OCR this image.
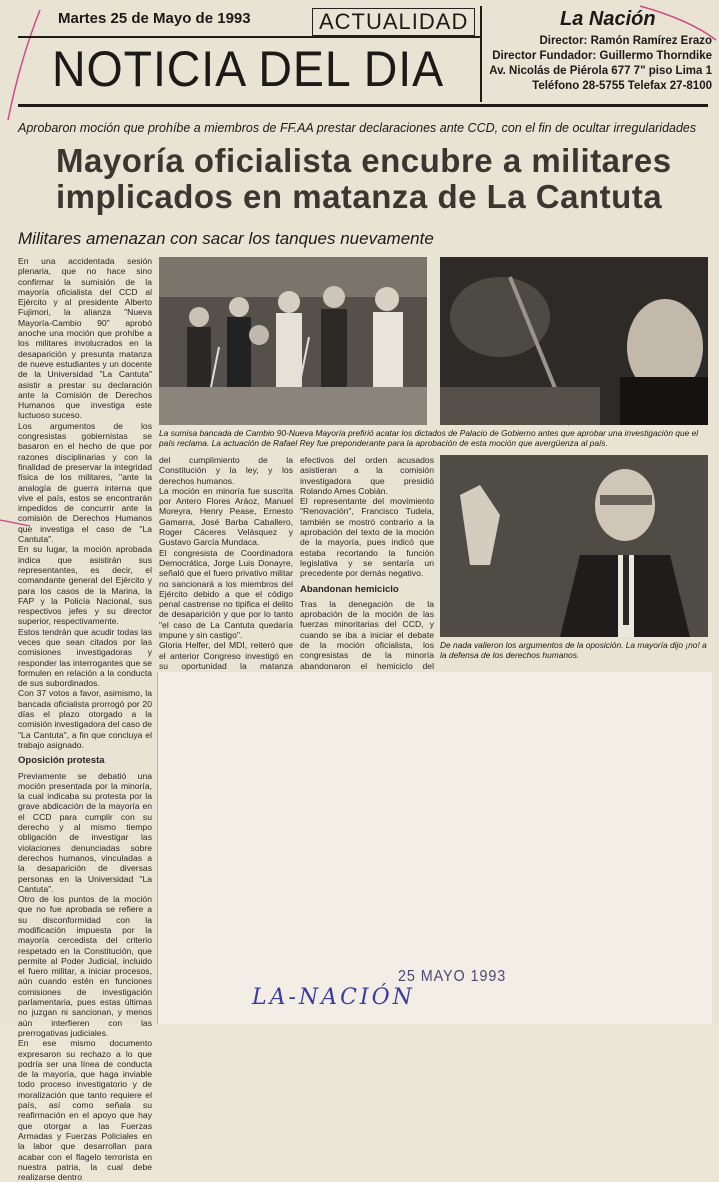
Martes 25 de Mayo de 1993	ACTUALIDAD
NOTICIA DEL DIA
La Nación
Director: Ramón Ramírez Erazo
Director Fundador: Guillermo Thorndike
Av. Nicolás de Piérola 677 7" piso Lima 1
Teléfono 28-5755 Telefax 27-8100
Aprobaron moción que prohíbe a miembros de FF.AA prestar declaraciones ante CCD, con el fin de ocultar irregularidades
Mayoría oficialista encubre a militares implicados en matanza de La Cantuta
Militares amenazan con sacar los tanques nuevamente

En una accidentada sesión plenaria, que no hace sino confirmar la sumisión de la mayoría oficialista del CCD al Ejército y al presidente Alberto Fujimori, la alianza "Nueva Mayoría-Cambio 90" aprobó anoche una moción que prohíbe a los militares involucrados en la desaparición y presunta matanza de nueve estudiantes y un docente de la Universidad "La Cantuta" asistir a prestar su declaración ante la Comisión de Derechos Humanos que investiga este luctuoso suceso.

Los argumentos de los congresistas gobiernistas se basaron en el hecho de que por razones disciplinarias y con la finalidad de preservar la integridad física de los militares, "ante la analogía de guerra interna que vive el país, estos se encontrarán impedidos de concurrir ante la comisión de Derechos Humanos que investiga el caso de "La Cantuta".

En su lugar, la moción aprobada indica que asistirán sus representantes, es decir, el comandante general del Ejército y para los casos de la Marina, la FAP y la Policía Nacional, sus respectivos jefes y su director superior, respectivamente.

Estos tendrán que acudir todas las veces que sean citados por las comisiones investigadoras y responder las interrogantes que se formulen en relación a la conducta de sus subordinados.

Con 37 votos a favor, asimismo, la bancada oficialista prorrogó por 20 días el plazo otorgado a la comisión investigadora del caso de "La Cantuta", a fin que concluya el trabajo asignado.

Oposición protesta

Previamente se debatió una moción presentada por la minoría, la cual indicaba su protesta por la grave abdicación de la mayoría en el CCD para cumplir con su derecho y al mismo tiempo obligación de investigar las violaciones denunciadas sobre derechos humanos, vinculadas a la desaparición de diversas personas en la Universidad "La Cantuta".

Otro de los puntos de la moción que no fue aprobada se refiere a su disconformidad con la modificación impuesta por la mayoría cercedista del criterio respetado en la Constitución, que permite al Poder Judicial, incluido el fuero militar, a iniciar procesos, aún cuando estén en funciones comisiones de investigación parlamentaria, pues estas últimas no juzgan ni sancionan, y menos aún interfieren con las prerrogativas judiciales.

En ese mismo documento expresaron su rechazo a lo que podría ser una línea de conducta de la mayoría, que haga inviable todo proceso investigatorio y de moralización que tanto requiere el país, así como señala su reafirmación en el apoyo que hay que otorgar a las Fuerzas Armadas y Fuerzas Policiales en la labor que desarrollan para acabar con el flagelo terrorista en nuestra patria, la cual debe realizarse dentro

La sumisa bancada de Cambio 90-Nueva Mayoría prefirió acatar los dictados de Palacio de Gobierno antes que aprobar una investigación que el país reclama. La actuación de Rafael Rey fue preponderante para la aprobación de esta moción que avergüenza al país.

del cumplimiento de la Constitución y la ley, y los derechos humanos.

La moción en minoría fue suscrita por Antero Flores Aráoz, Manuel Moreyra, Henry Pease, Ernesto Gamarra, José Barba Caballero, Roger Cáceres Velásquez y Gustavo García Mundaca.

El congresista de Coordinadora Democrática, Jorge Luis Donayre, señaló que el fuero privativo militar no sancionará a los miembros del Ejército debido a que el código penal castrense no tipifica el delito de desaparición y que por lo tanto "el caso de La Cantuta quedaría impune y sin castigo".

Gloria Helfer, del MDI, reiteró que el anterior Congreso investigó en su oportunidad la matanza

efectivos del orden acusados asistieran a la comisión investigadora que presidió Rolando Ames Cobián.

El representante del movimiento "Renovación", Francisco Tudela, también se mostró contrario a la aprobación del texto de la moción de la mayoría, pues indicó que estaba recortando la función legislativa y se sentaría un precedente por demás negativo.

Abandonan hemiciclo

Tras la denegación de la aprobación de la moción de las fuerzas minoritarias del CCD, y cuando se iba a iniciar el debate de la moción oficialista, los congresistas de la minoría abandonaron el hemiciclo del

De nada valieron los argumentos de la oposición. La mayoría dijo ¡no! a la defensa de los derechos humanos.
25 MAYO 1993
LA-NACIÓN
